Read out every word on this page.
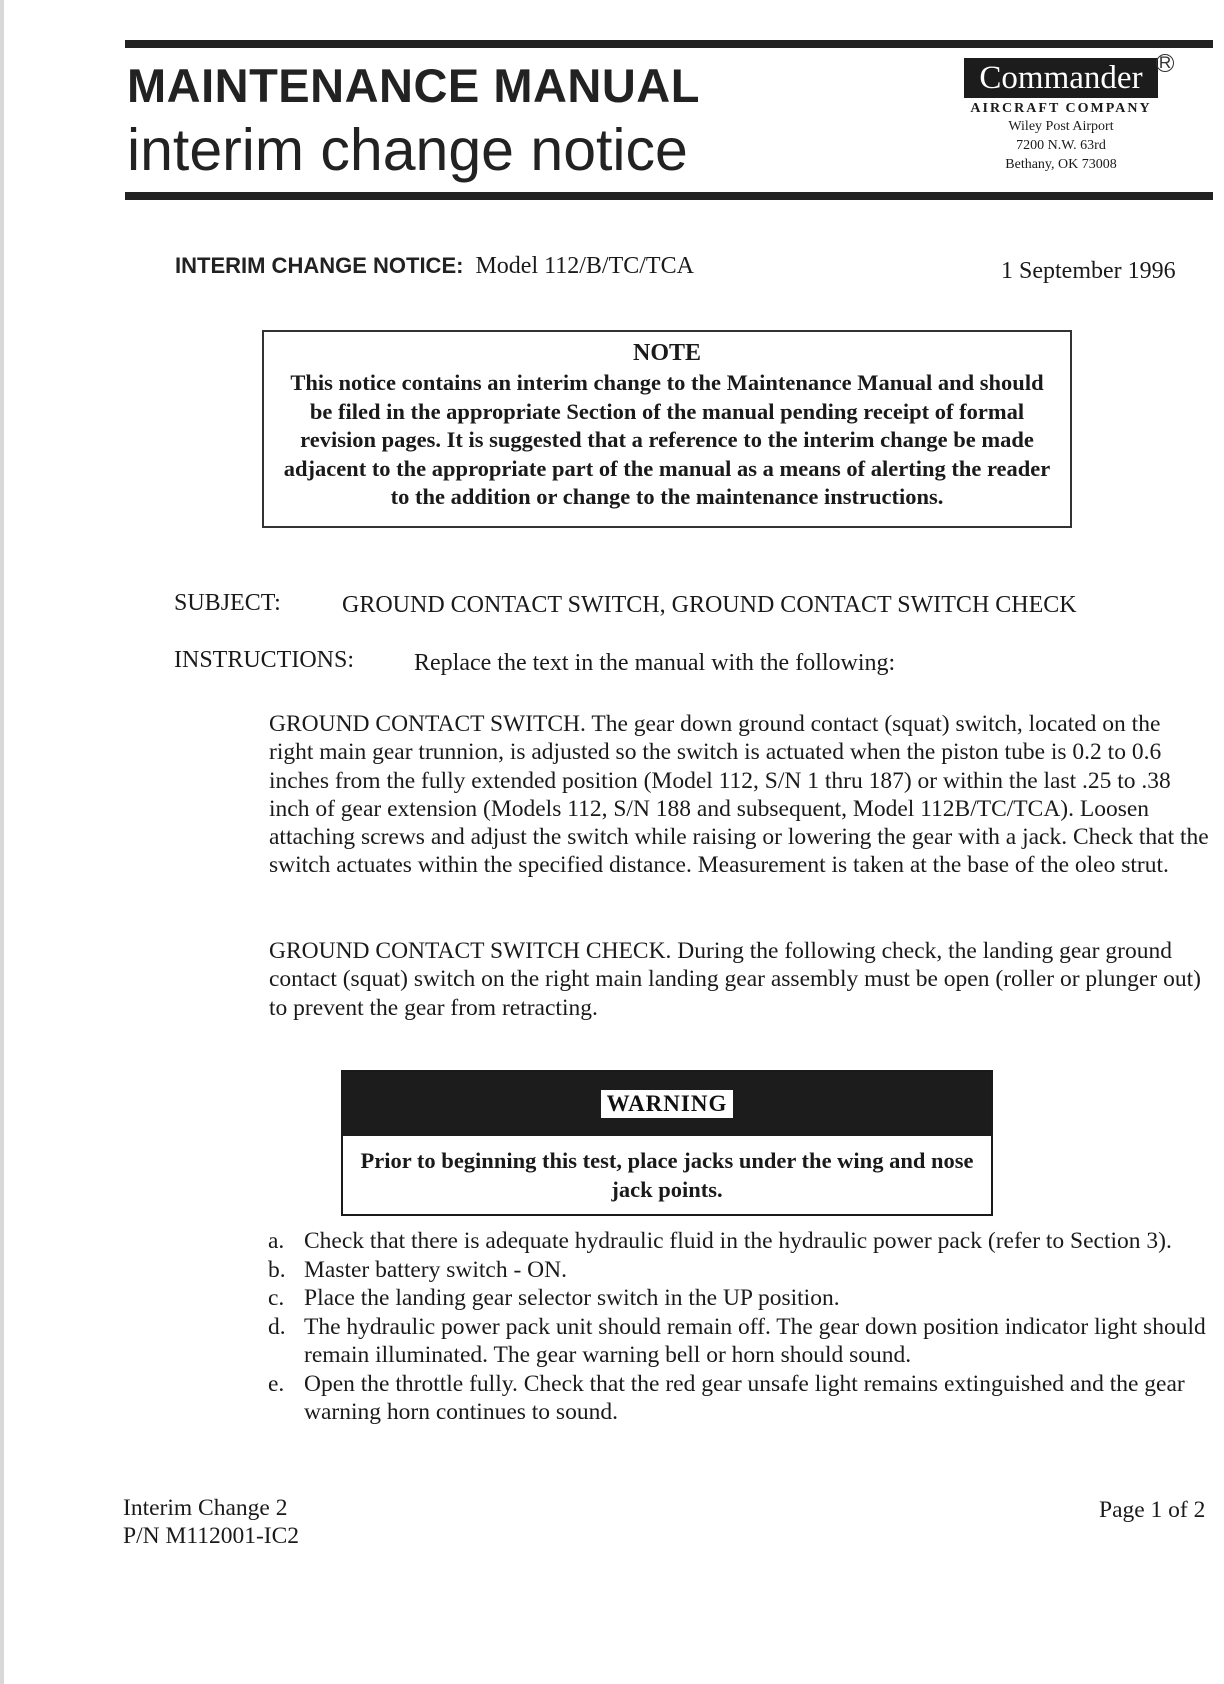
MAINTENANCE MANUAL
interim change notice
Commander
AIRCRAFT COMPANY
Wiley Post Airport
7200 N.W. 63rd
Bethany, OK 73008
R
INTERIM CHANGE NOTICE: Model 112/B/TC/TCA	1 September 1996
NOTE
This notice contains an interim change to the Maintenance Manual and should be filed in the appropriate Section of the manual pending receipt of formal revision pages. It is suggested that a reference to the interim change be made adjacent to the appropriate part of the manual as a means of alerting the reader to the addition or change to the maintenance instructions.
SUBJECT:	GROUND CONTACT SWITCH, GROUND CONTACT SWITCH CHECK
INSTRUCTIONS: Replace the text in the manual with the following:
GROUND CONTACT SWITCH. The gear down ground contact (squat) switch, located on the right main gear trunnion, is adjusted so the switch is actuated when the piston tube is 0.2 to 0.6 inches from the fully extended position (Model 112, S/N 1 thru 187) or within the last .25 to .38 inch of gear extension (Models 112, S/N 188 and subsequent, Model 112B/TC/TCA). Loosen attaching screws and adjust the switch while raising or lowering the gear with a jack. Check that the switch actuates within the specified distance. Measurement is taken at the base of the oleo strut.
GROUND CONTACT SWITCH CHECK. During the following check, the landing gear ground contact (squat) switch on the right main landing gear assembly must be open (roller or plunger out) to prevent the gear from retracting.
WARNING
Prior to beginning this test, place jacks under the wing and nose jack points.
a. Check that there is adequate hydraulic fluid in the hydraulic power pack (refer to Section 3).
b. Master battery switch - ON.
c. Place the landing gear selector switch in the UP position.
d. The hydraulic power pack unit should remain off. The gear down position indicator light should remain illuminated. The gear warning bell or horn should sound.
e. Open the throttle fully. Check that the red gear unsafe light remains extinguished and the gear warning horn continues to sound.
Interim Change 2
P/N M112001-IC2
Page 1 of 2
